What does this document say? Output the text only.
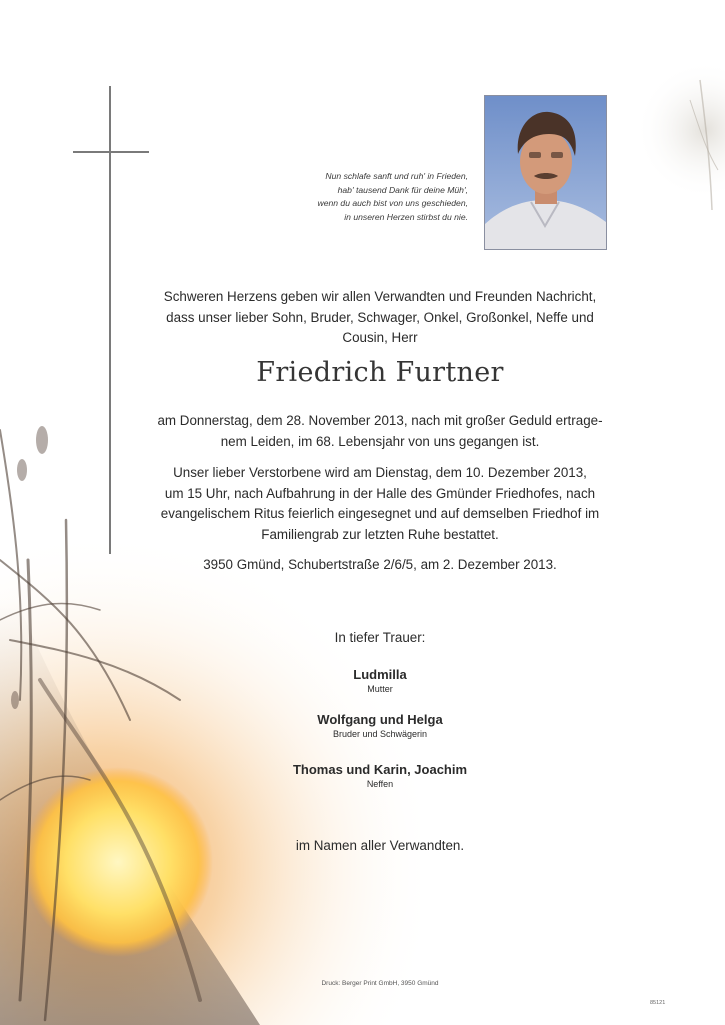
Nun schlafe sanft und ruh' in Frieden,
hab' tausend Dank für deine Müh',
wenn du auch bist von uns geschieden,
in unseren Herzen stirbst du nie.
Schweren Herzens geben wir allen Verwandten und Freunden Nachricht,
dass unser lieber Sohn, Bruder, Schwager, Onkel, Großonkel, Neffe und
Cousin, Herr
Friedrich Furtner
am Donnerstag, dem 28. November 2013, nach mit großer Geduld ertrage-
nem Leiden, im 68. Lebensjahr von uns gegangen ist.
Unser lieber Verstorbene wird am Dienstag, dem 10. Dezember 2013,
um 15 Uhr, nach Aufbahrung in der Halle des Gmünder Friedhofes, nach
evangelischem Ritus feierlich eingesegnet und auf demselben Friedhof im
Familiengrab zur letzten Ruhe bestattet.
3950 Gmünd, Schubertstraße 2/6/5, am 2. Dezember 2013.
In tiefer Trauer:
Ludmilla
Mutter
Wolfgang und Helga
Bruder und Schwägerin
Thomas und Karin, Joachim
Neffen
im Namen aller Verwandten.
Druck: Berger Print GmbH, 3950 Gmünd
85121
